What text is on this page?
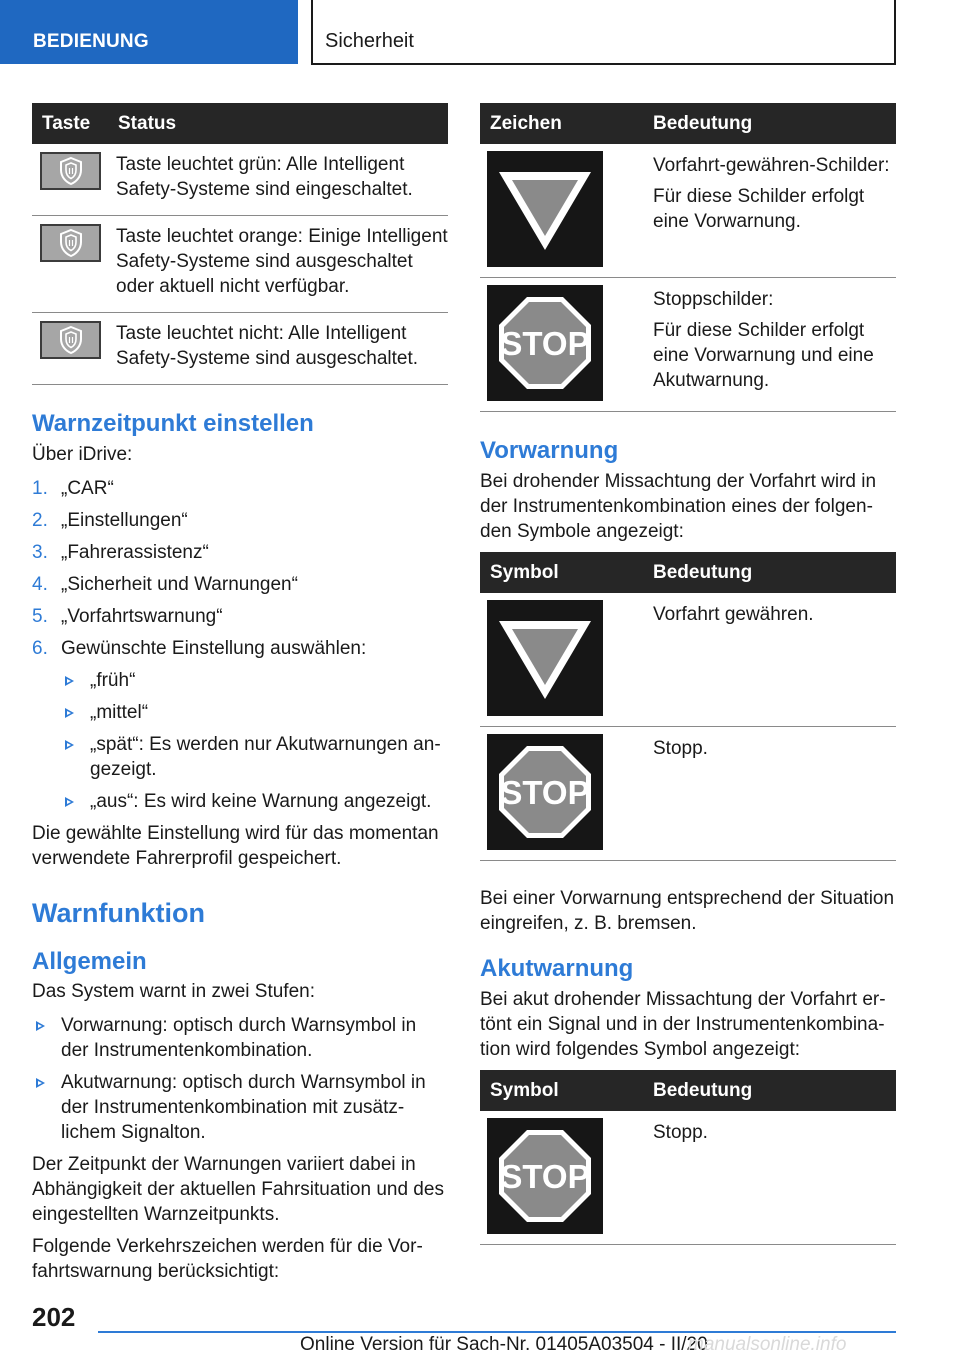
BEDIENUNG	Sicherheit
Taste	Status

	Taste leuchtet grün: Alle Intelligent Safety-Systeme sind eingeschaltet.

	Taste leuchtet orange: Einige Intelligent Safety-Systeme sind ausgeschaltet oder aktuell nicht verfügbar.

	Taste leuchtet nicht: Alle Intelligent Safety-Systeme sind ausgeschaltet.
Warnzeitpunkt einstellen

Über iDrive:

1. „CAR“
2. „Einstellungen“
3. „Fahrerassistenz“
4. „Sicherheit und Warnungen“
5. „Vorfahrtswarnung“
6. Gewünschte Einstellung auswählen:
„früh“
„mittel“
„spät“: Es werden nur Akutwarnungen angezeigt.
„aus“: Es wird keine Warnung angezeigt.

Die gewählte Einstellung wird für das momentan verwendete Fahrerprofil gespeichert.

Warnfunktion
Allgemein

Das System warnt in zwei Stufen:

Vorwarnung: optisch durch Warnsymbol in der Instrumentenkombination.
Akutwarnung: optisch durch Warnsymbol in der Instrumentenkombination mit zusätzlichem Signalton.

Der Zeitpunkt der Warnungen variiert dabei in Abhängigkeit der aktuellen Fahrsituation und des eingestellten Warnzeitpunkts.

Folgende Verkehrszeichen werden für die Vorfahrtswarnung berücksichtigt:

Zeichen	Bedeutung

Vorfahrt-gewähren-Schilder:

Für diese Schilder erfolgt eine Vorwarnung.

STOP	Stoppschilder:

Für diese Schilder erfolgt eine Vorwarnung und eine Akutwarnung.

Vorwarnung

Bei drohender Missachtung der Vorfahrt wird in der Instrumentenkombination eines der folgenden Symbole angezeigt:

Symbol	Bedeutung

	Vorfahrt gewähren.

STOP	Stopp.

Bei einer Vorwarnung entsprechend der Situation eingreifen, z. B. bremsen.

Akutwarnung

Bei akut drohender Missachtung der Vorfahrt ertönt ein Signal und in der Instrumentenkombination wird folgendes Symbol angezeigt:

Symbol	Bedeutung

STOP	Stopp.
202
Online Version für Sach-Nr. 01405A03504 - II/20
manualsonline.info
